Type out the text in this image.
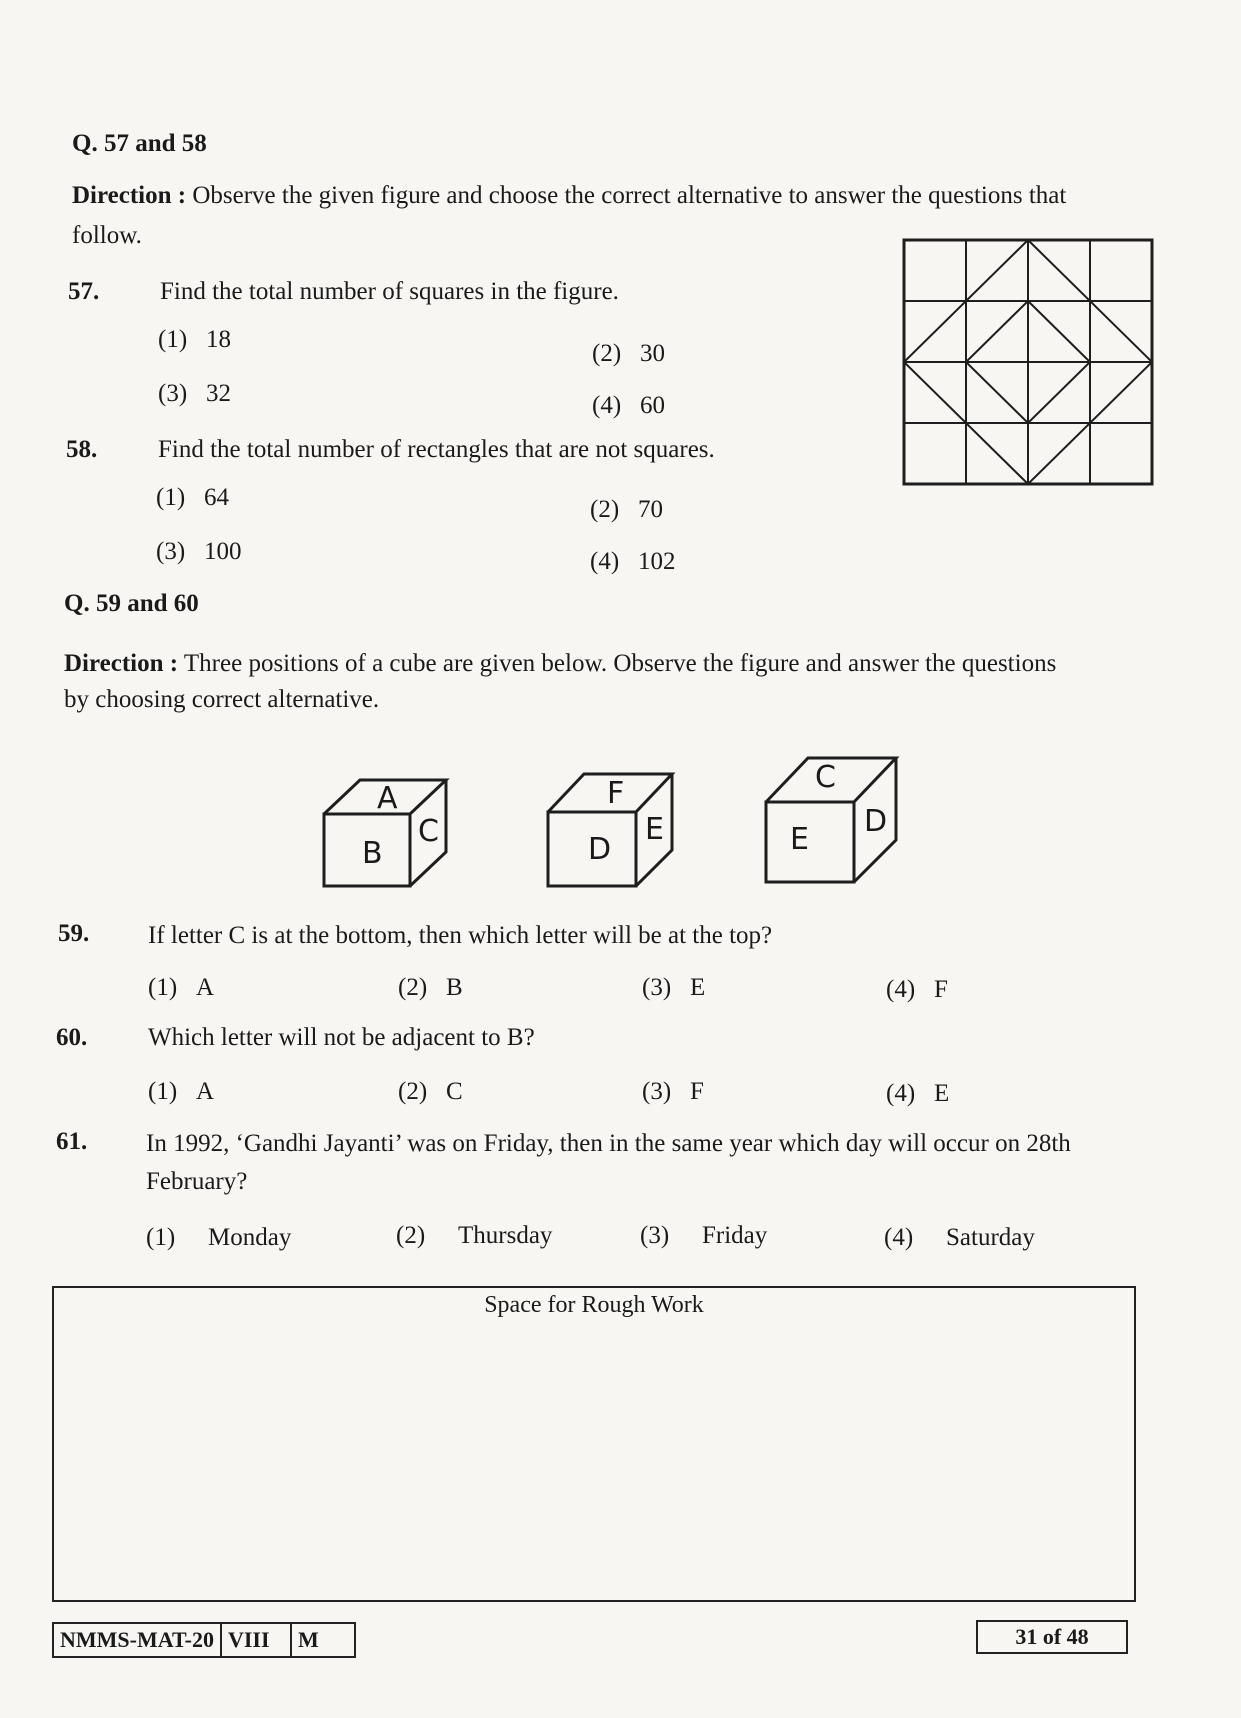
Q. 57 and 58
Direction : Observe the given figure and choose the correct alternative to answer the questions that
follow.
57. Find the total number of squares in the figure.
(1) 18
(2) 30
(3) 32	(4) 60
58. Find the total number of rectangles that are not squares.
(1) 64	(2) 70
(3) 100	(4) 102
Q. 59 and 60
Direction : Three positions of a cube are given below. Observe the figure and answer the questions
by choosing correct alternative.
A
B
C
F
D
E
C
E
D
59. If letter C is at the bottom, then which letter will be at the top?
(1) A	(2) B	(3) E	(4) F
60. Which letter will not be adjacent to B?
(1) A	(2) C	(3) F	(4) E
61. In 1992, ‘Gandhi Jayanti’ was on Friday, then in the same year which day will occur on 28th
February?
(1) Monday	(2) Thursday	(3) Friday	(4) Saturday
Space for Rough Work
NMMS-MAT-20 VIII	M	31 of 48
